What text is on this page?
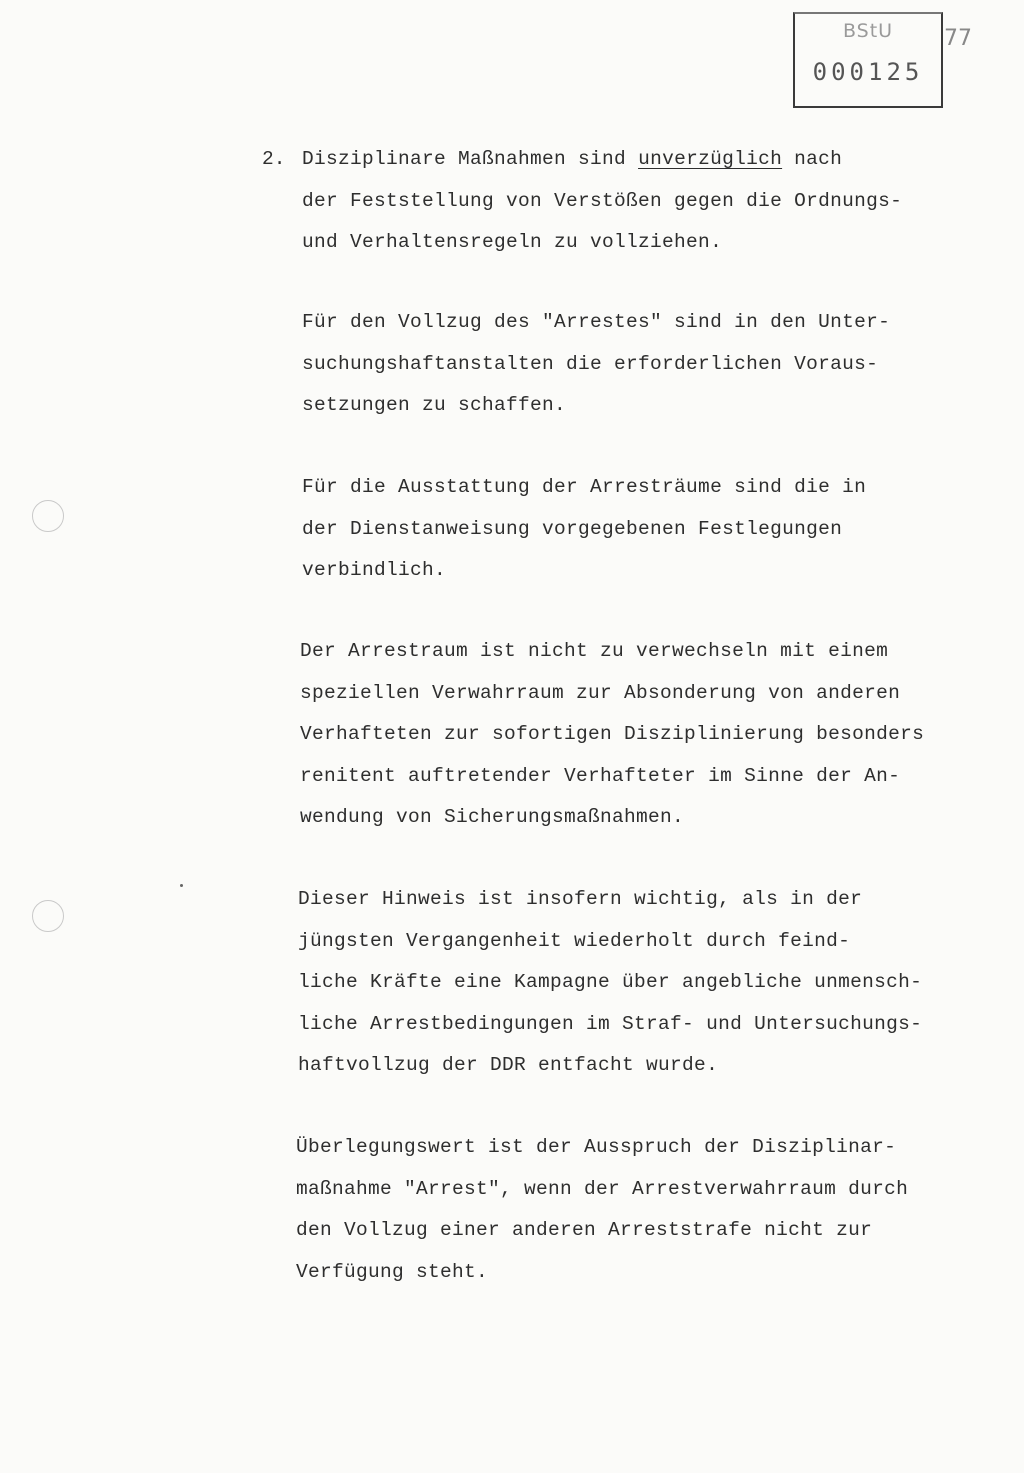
BStU
000125
77
2. Disziplinare Maßnahmen sind unverzüglich nach
der Feststellung von Verstößen gegen die Ordnungs-
und Verhaltensregeln zu vollziehen.
Für den Vollzug des "Arrestes" sind in den Unter-
suchungshaftanstalten die erforderlichen Voraus-
setzungen zu schaffen.
Für die Ausstattung der Arresträume sind die in
der Dienstanweisung vorgegebenen Festlegungen
verbindlich.
Der Arrestraum ist nicht zu verwechseln mit einem
speziellen Verwahrraum zur Absonderung von anderen
Verhafteten zur sofortigen Disziplinierung besonders
renitent auftretender Verhafteter im Sinne der An-
wendung von Sicherungsmaßnahmen.
Dieser Hinweis ist insofern wichtig, als in der
jüngsten Vergangenheit wiederholt durch feind-
liche Kräfte eine Kampagne über angebliche unmensch-
liche Arrestbedingungen im Straf- und Untersuchungs-
haftvollzug der DDR entfacht wurde.
Überlegungswert ist der Ausspruch der Disziplinar-
maßnahme "Arrest", wenn der Arrestverwahrraum durch
den Vollzug einer anderen Arreststrafe nicht zur
Verfügung steht.
